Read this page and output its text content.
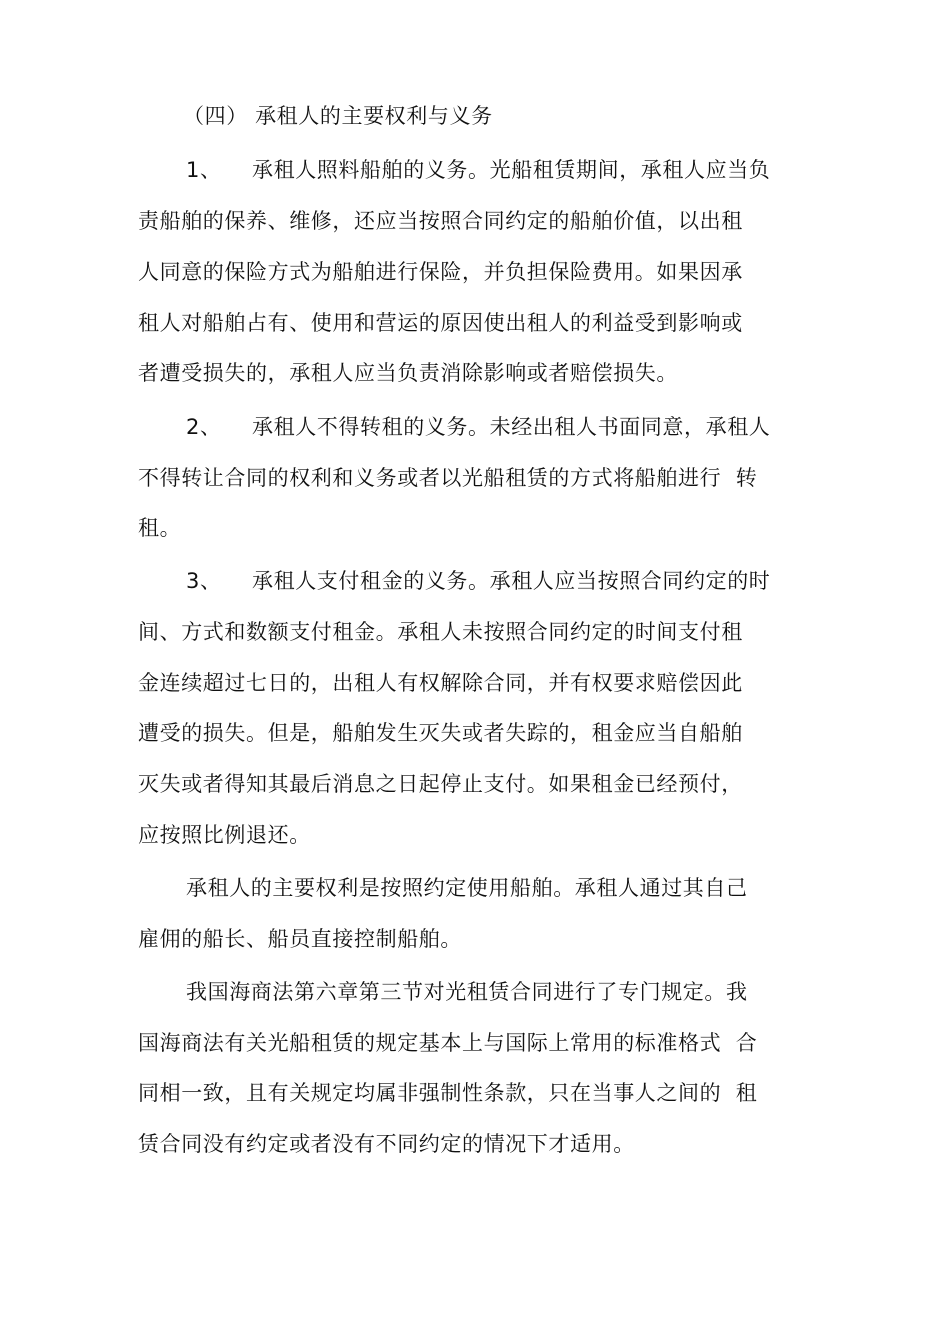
（四） 承租人的主要权利与义务
1、 承租人照料船舶的义务。光船租赁期间，承租人应当负
责船舶的保养、维修，还应当按照合同约定的船舶价值，以出租
人同意的保险方式为船舶进行保险，并负担保险费用。如果因承
租人对船舶占有、使用和营运的原因使出租人的利益受到影响或
者遭受损失的，承租人应当负责消除影响或者赔偿损失。
2、 承租人不得转租的义务。未经出租人书面同意，承租人
不得转让合同的权利和义务或者以光船租赁的方式将船舶进行  转
租。
3、 承租人支付租金的义务。承租人应当按照合同约定的时
间、方式和数额支付租金。承租人未按照合同约定的时间支付租
金连续超过七日的，出租人有权解除合同，并有权要求赔偿因此
遭受的损失。但是，船舶发生灭失或者失踪的，租金应当自船舶
灭失或者得知其最后消息之日起停止支付。如果租金已经预付，
应按照比例退还。
承租人的主要权利是按照约定使用船舶。承租人通过其自己
雇佣的船长、船员直接控制船舶。
我国海商法第六章第三节对光租赁合同进行了专门规定。我
国海商法有关光船租赁的规定基本上与国际上常用的标准格式  合
同相一致，且有关规定均属非强制性条款，只在当事人之间的  租
赁合同没有约定或者没有不同约定的情况下才适用。
